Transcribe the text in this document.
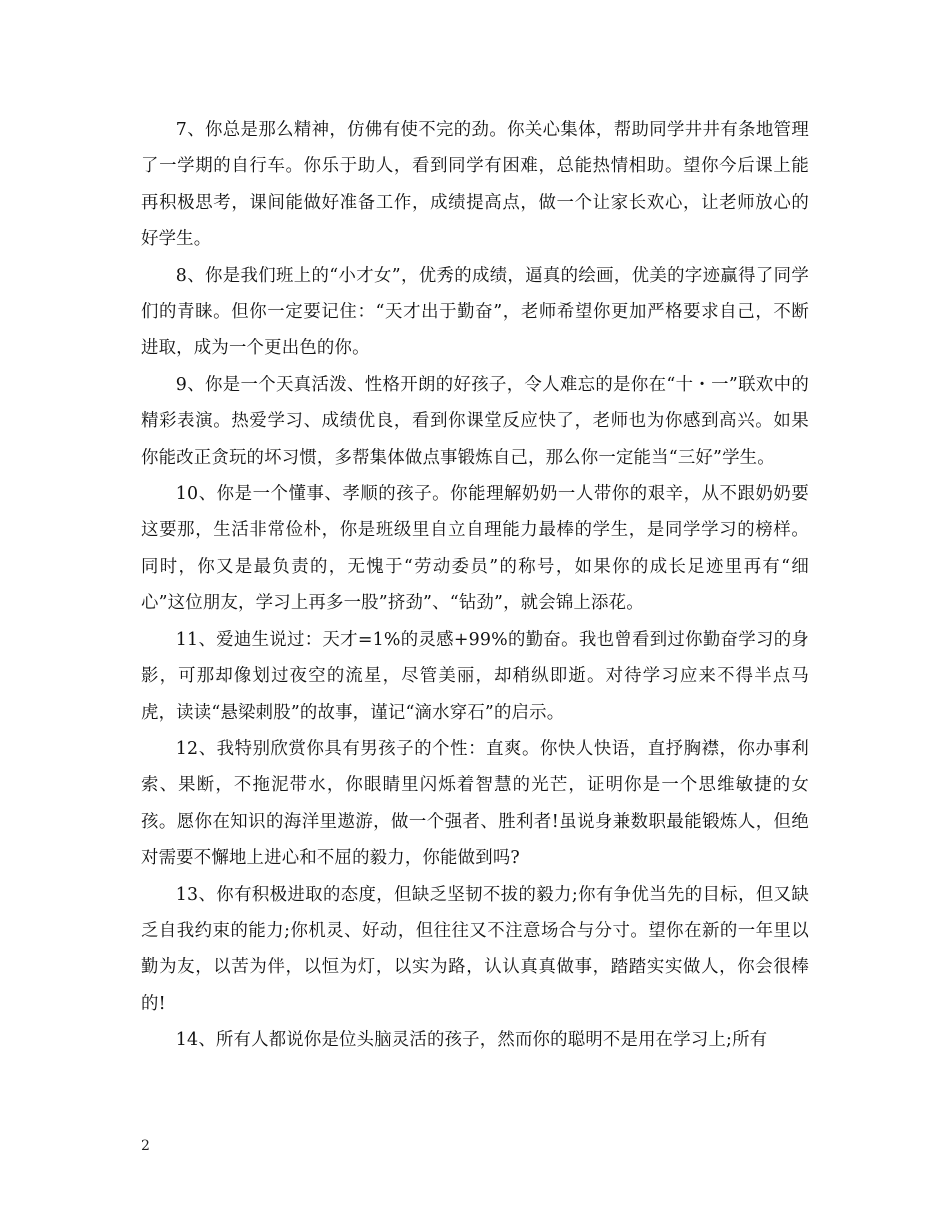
7、你总是那么精神，仿佛有使不完的劲。你关心集体，帮助同学井井有条地管理了一学期的自行车。你乐于助人，看到同学有困难，总能热情相助。望你今后课上能再积极思考，课间能做好准备工作，成绩提高点，做一个让家长欢心，让老师放心的好学生。

8、你是我们班上的“小才女”，优秀的成绩，逼真的绘画，优美的字迹赢得了同学们的青睐。但你一定要记住：“天才出于勤奋”，老师希望你更加严格要求自己，不断进取，成为一个更出色的你。

9、你是一个天真活泼、性格开朗的好孩子，令人难忘的是你在“十・一”联欢中的精彩表演。热爱学习、成绩优良，看到你课堂反应快了，老师也为你感到高兴。如果你能改正贪玩的坏习惯，多帮集体做点事锻炼自己，那么你一定能当“三好”学生。

10、你是一个懂事、孝顺的孩子。你能理解奶奶一人带你的艰辛，从不跟奶奶要这要那，生活非常俭朴，你是班级里自立自理能力最棒的学生，是同学学习的榜样。同时，你又是最负责的，无愧于“劳动委员”的称号，如果你的成长足迹里再有“细心”这位朋友，学习上再多一股”挤劲”、“钻劲”，就会锦上添花。

11、爱迪生说过：天才=1%的灵感+99%的勤奋。我也曾看到过你勤奋学习的身影，可那却像划过夜空的流星，尽管美丽，却稍纵即逝。对待学习应来不得半点马虎，读读“悬梁刺股”的故事，谨记“滴水穿石”的启示。

12、我特别欣赏你具有男孩子的个性：直爽。你快人快语，直抒胸襟，你办事利索、果断，不拖泥带水，你眼睛里闪烁着智慧的光芒，证明你是一个思维敏捷的女孩。愿你在知识的海洋里遨游，做一个强者、胜利者!虽说身兼数职最能锻炼人，但绝对需要不懈地上进心和不屈的毅力，你能做到吗?

13、你有积极进取的态度，但缺乏坚韧不拔的毅力;你有争优当先的目标，但又缺乏自我约束的能力;你机灵、好动，但往往又不注意场合与分寸。望你在新的一年里以勤为友，以苦为伴，以恒为灯，以实为路，认认真真做事，踏踏实实做人，你会很棒的!

14、所有人都说你是位头脑灵活的孩子，然而你的聪明不是用在学习上;所有

2
